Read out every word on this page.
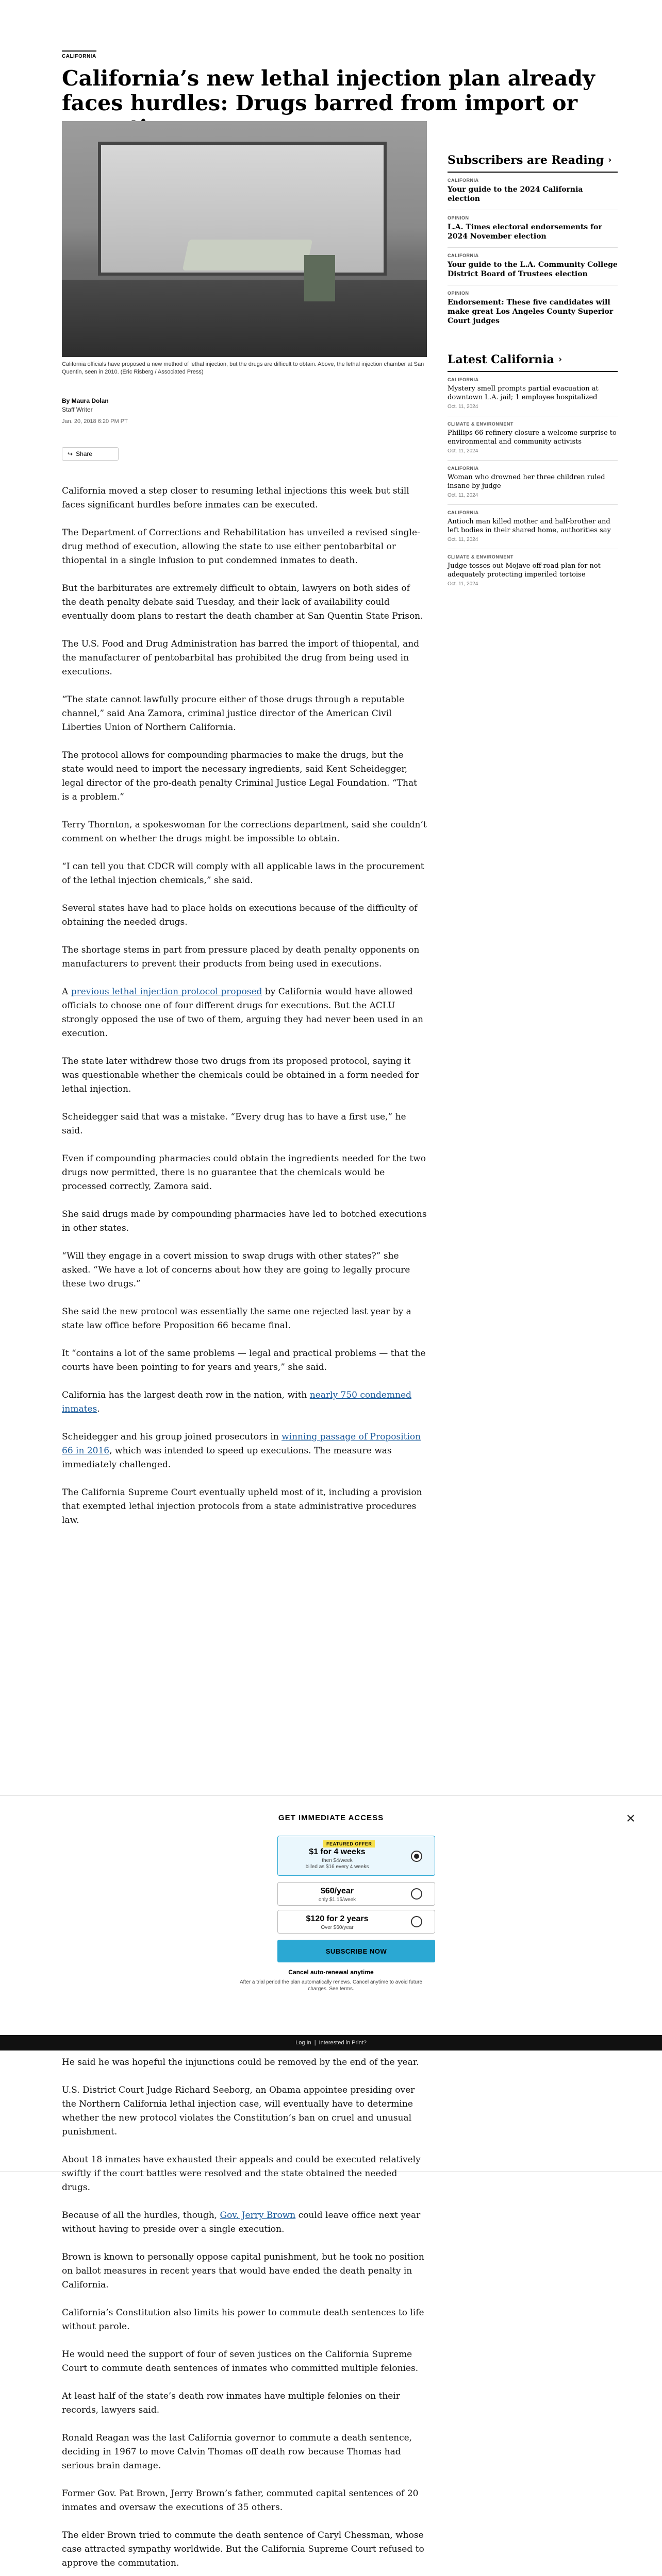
CALIFORNIA
California’s new lethal injection plan already faces hurdles: Drugs barred from import or
California officials have proposed a new method of lethal injection, but the drugs are difficult to obtain. Above, the lethal injection chamber at San Quentin, seen in 2010. (Eric Risberg / Associated Press)
By Maura Dolan
Staff Writer
Jan. 20, 2018 6:20 PM PT
↪ Share

California moved a step closer to resuming lethal injections this week but still faces significant hurdles before inmates can be executed.

The Department of Corrections and Rehabilitation has unveiled a revised single-drug method of execution, allowing the state to use either pentobarbital or thiopental in a single infusion to put condemned inmates to death.

But the barbiturates are extremely difficult to obtain, lawyers on both sides of the death penalty debate said Tuesday, and their lack of availability could eventually doom plans to restart the death chamber at San Quentin State Prison.

The U.S. Food and Drug Administration has barred the import of thiopental, and the manufacturer of pentobarbital has prohibited the drug from being used in executions.

“The state cannot lawfully procure either of those drugs through a reputable channel,” said Ana Zamora, criminal justice director of the American Civil Liberties Union of Northern California.

The protocol allows for compounding pharmacies to make the drugs, but the state would need to import the necessary ingredients, said Kent Scheidegger, legal director of the pro-death penalty Criminal Justice Legal Foundation. “That is a problem.”

Terry Thornton, a spokeswoman for the corrections department, said she couldn’t comment on whether the drugs might be impossible to obtain.

“I can tell you that CDCR will comply with all applicable laws in the procurement of the lethal injection chemicals,” she said.

Several states have had to place holds on executions because of the difficulty of obtaining the needed drugs.

The shortage stems in part from pressure placed by death penalty opponents on manufacturers to prevent their products from being used in executions.

A previous lethal injection protocol proposed by California would have allowed officials to choose one of four different drugs for executions. But the ACLU strongly opposed the use of two of them, arguing they had never been used in an execution.

The state later withdrew those two drugs from its proposed protocol, saying it was questionable whether the chemicals could be obtained in a form needed for lethal injection.

Scheidegger said that was a mistake. “Every drug has to have a first use,” he said.

Even if compounding pharmacies could obtain the ingredients needed for the two drugs now permitted, there is no guarantee that the chemicals would be processed correctly, Zamora said.

She said drugs made by compounding pharmacies have led to botched executions in other states.

“Will they engage in a covert mission to swap drugs with other states?” she asked. “We have a lot of concerns about how they are going to legally procure these two drugs.”

She said the new protocol was essentially the same one rejected last year by a state law office before Proposition 66 became final.

It “contains a lot of the same problems — legal and practical problems — that the courts have been pointing to for years and years,” she said.

California has the largest death row in the nation, with nearly 750 condemned inmates.

Scheidegger and his group joined prosecutors in winning passage of Proposition 66 in 2016, which was intended to speed up executions. The measure was immediately challenged.

The California Supreme Court eventually upheld most of it, including a provision that exempted lethal injection protocols from a state administrative procedures law.

Subscribers are Reading ›
CALIFORNIA
Your guide to the 2024 California election
OPINION
L.A. Times electoral endorsements for 2024 November election
CALIFORNIA
Your guide to the L.A. Community College District Board of Trustees election
OPINION
Endorsement: These five candidates will make great Los Angeles County Superior Court judges
Latest California ›
CALIFORNIA
Mystery smell prompts partial evacuation at downtown L.A. jail; 1 employee hospitalized
Oct. 11, 2024
CLIMATE & ENVIRONMENT
Phillips 66 refinery closure a welcome surprise to environmental and community activists
Oct. 11, 2024
CALIFORNIA
Woman who drowned her three children ruled insane by judge
Oct. 11, 2024
CALIFORNIA
Antioch man killed mother and half-brother and left bodies in their shared home, authorities say
Oct. 11, 2024
CLIMATE & ENVIRONMENT
Judge tosses out Mojave off-road plan for not adequately protecting imperiled tortoise
Oct. 11, 2024
×
GET IMMEDIATE ACCESS
FEATURED OFFER
$1 for 4 weeks
then $4/week
billed as $16 every 4 weeks
$60/year
only $1.15/week
$120 for 2 years
Over $60/year
SUBSCRIBE NOW
Cancel auto-renewal anytime
After a trial period the plan automatically renews. Cancel anytime to avoid future charges. See terms.
Log In | Interested in Print?

He said he was hopeful the injunctions could be removed by the end of the year.

U.S. District Court Judge Richard Seeborg, an Obama appointee presiding over the Northern California lethal injection case, will eventually have to determine whether the new protocol violates the Constitution’s ban on cruel and unusual punishment.

About 18 inmates have exhausted their appeals and could be executed relatively swiftly if the court battles were resolved and the state obtained the needed drugs.

Because of all the hurdles, though, Gov. Jerry Brown could leave office next year without having to preside over a single execution.

Brown is known to personally oppose capital punishment, but he took no position on ballot measures in recent years that would have ended the death penalty in California.

California’s Constitution also limits his power to commute death sentences to life without parole.

He would need the support of four of seven justices on the California Supreme Court to commute death sentences of inmates who committed multiple felonies.

At least half of the state’s death row inmates have multiple felonies on their records, lawyers said.

Ronald Reagan was the last California governor to commute a death sentence, deciding in 1967 to move Calvin Thomas off death row because Thomas had serious brain damage.

Former Gov. Pat Brown, Jerry Brown’s father, commuted capital sentences of 20 inmates and oversaw the executions of 35 others.

The elder Brown tried to commute the death sentence of Caryl Chessman, whose case attracted sympathy worldwide. But the California Supreme Court refused to approve the commutation.
